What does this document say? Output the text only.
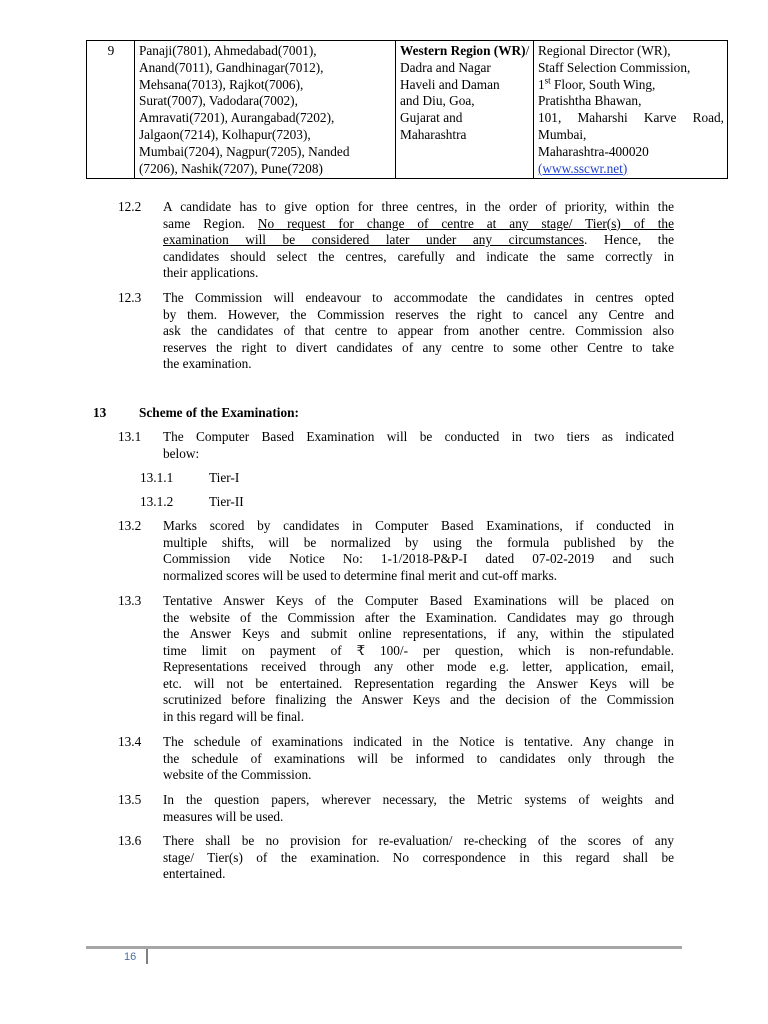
9	Panaji(7801), Ahmedabad(7001),
Anand(7011), Gandhinagar(7012),
Mehsana(7013), Rajkot(7006),
Surat(7007), Vadodara(7002),
Amravati(7201), Aurangabad(7202),
Jalgaon(7214), Kolhapur(7203),
Mumbai(7204), Nagpur(7205), Nanded
(7206), Nashik(7207), Pune(7208)

Western Region (WR)/
Dadra and Nagar
Haveli and Daman
and Diu, Goa,
Gujarat and
Maharashtra

Regional Director (WR),
Staff Selection Commission,
1st Floor, South Wing,
Pratishtha Bhawan,
101, Maharshi Karve Road,
Mumbai,
Maharashtra-400020
(www.sscwr.net)
12.2 A candidate has to give option for three centres, in the order of priority, within the
same Region. No request for change of centre at any stage/ Tier(s) of the
examination will be considered later under any circumstances. Hence, the
candidates should select the centres, carefully and indicate the same correctly in
their applications.
12.3 The Commission will endeavour to accommodate the candidates in centres opted
by them. However, the Commission reserves the right to cancel any Centre and
ask the candidates of that centre to appear from another centre. Commission also
reserves the right to divert candidates of any centre to some other Centre to take
the examination.
13 Scheme of the Examination:
13.1 The Computer Based Examination will be conducted in two tiers as indicated
below:
13.1.1	Tier-I
13.1.2	Tier-II
13.2 Marks scored by candidates in Computer Based Examinations, if conducted in
multiple shifts, will be normalized by using the formula published by the
Commission vide Notice No: 1-1/2018-P&P-I dated 07-02-2019 and such
normalized scores will be used to determine final merit and cut-off marks.
13.3 Tentative Answer Keys of the Computer Based Examinations will be placed on
the website of the Commission after the Examination. Candidates may go through
the Answer Keys and submit online representations, if any, within the stipulated
time limit on payment of ₹ 100/- per question, which is non-refundable.
Representations received through any other mode e.g. letter, application, email,
etc. will not be entertained. Representation regarding the Answer Keys will be
scrutinized before finalizing the Answer Keys and the decision of the Commission
in this regard will be final.
13.4 The schedule of examinations indicated in the Notice is tentative. Any change in
the schedule of examinations will be informed to candidates only through the
website of the Commission.
13.5 In the question papers, wherever necessary, the Metric systems of weights and
measures will be used.
13.6 There shall be no provision for re-evaluation/ re-checking of the scores of any
stage/ Tier(s) of the examination. No correspondence in this regard shall be
entertained.
16
